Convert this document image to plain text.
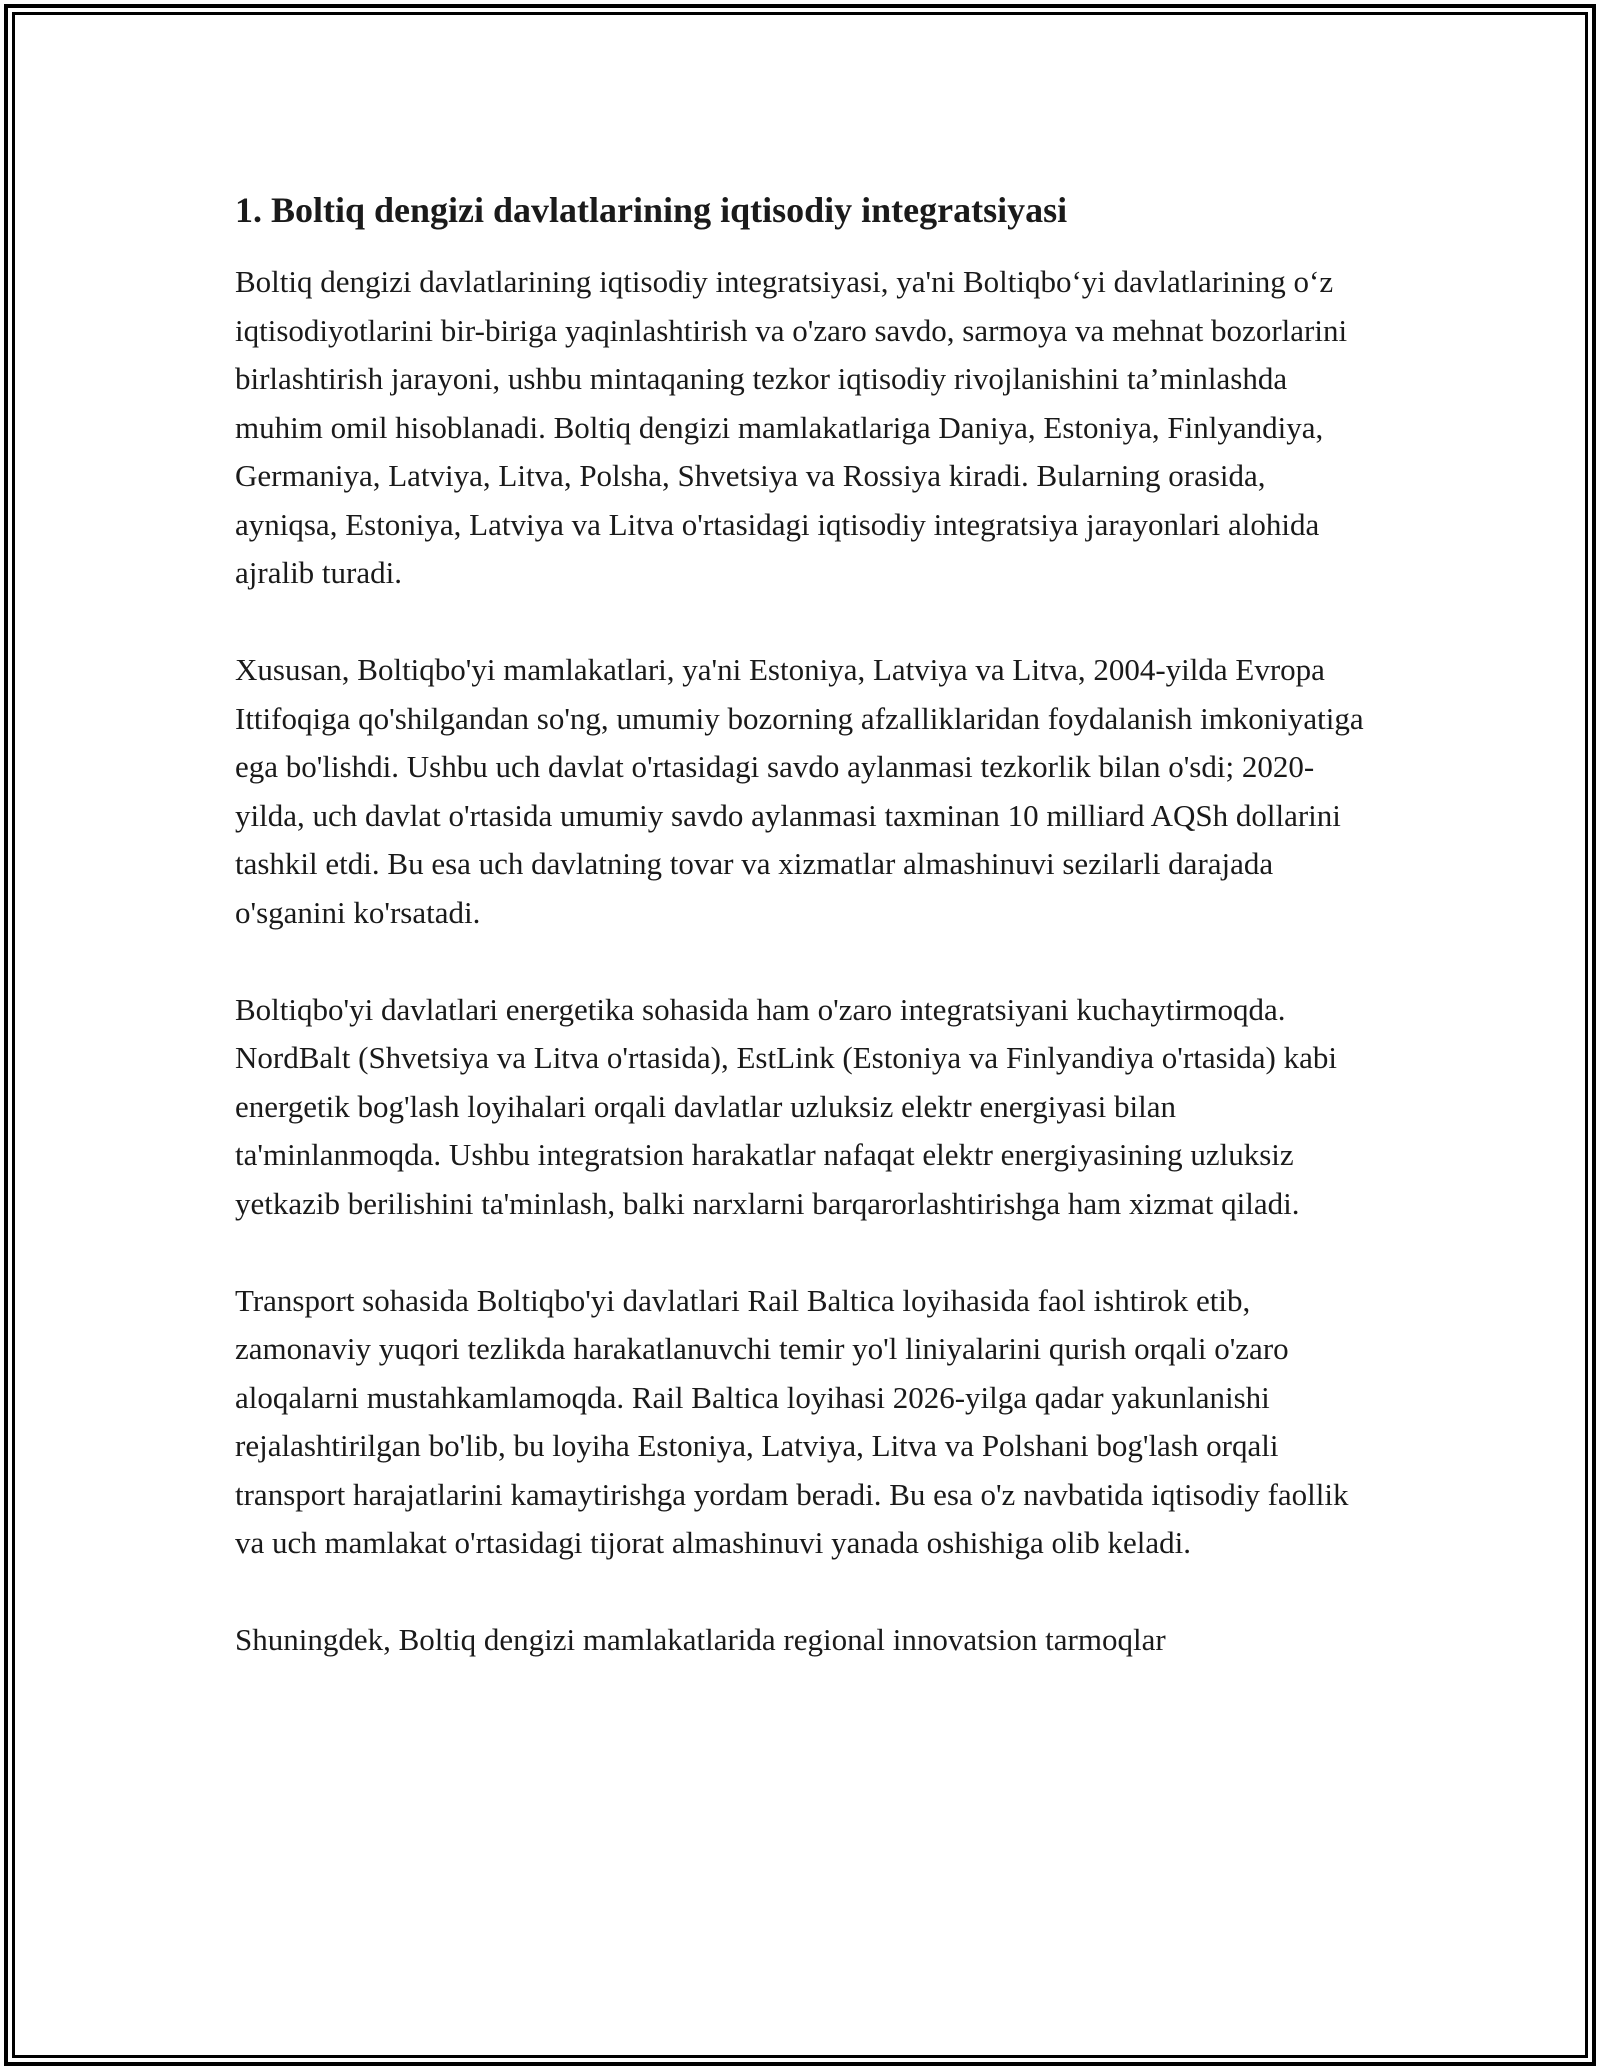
1. Boltiq dengizi davlatlarining iqtisodiy integratsiyasi

Boltiq dengizi davlatlarining iqtisodiy integratsiyasi, ya'ni Boltiqbo‘yi davlatlarining o‘z iqtisodiyotlarini bir-biriga yaqinlashtirish va o'zaro savdo, sarmoya va mehnat bozorlarini birlashtirish jarayoni, ushbu mintaqaning tezkor iqtisodiy rivojlanishini ta’minlashda muhim omil hisoblanadi. Boltiq dengizi mamlakatlariga Daniya, Estoniya, Finlyandiya, Germaniya, Latviya, Litva, Polsha, Shvetsiya va Rossiya kiradi. Bularning orasida, ayniqsa, Estoniya, Latviya va Litva o'rtasidagi iqtisodiy integratsiya jarayonlari alohida ajralib turadi.

Xususan, Boltiqbo'yi mamlakatlari, ya'ni Estoniya, Latviya va Litva, 2004-yilda Evropa Ittifoqiga qo'shilgandan so'ng, umumiy bozorning afzalliklaridan foydalanish imkoniyatiga ega bo'lishdi. Ushbu uch davlat o'rtasidagi savdo aylanmasi tezkorlik bilan o'sdi; 2020-yilda, uch davlat o'rtasida umumiy savdo aylanmasi taxminan 10 milliard AQSh dollarini tashkil etdi. Bu esa uch davlatning tovar va xizmatlar almashinuvi sezilarli darajada o'sganini ko'rsatadi.

Boltiqbo'yi davlatlari energetika sohasida ham o'zaro integratsiyani kuchaytirmoqda. NordBalt (Shvetsiya va Litva o'rtasida), EstLink (Estoniya va Finlyandiya o'rtasida) kabi energetik bog'lash loyihalari orqali davlatlar uzluksiz elektr energiyasi bilan ta'minlanmoqda. Ushbu integratsion harakatlar nafaqat elektr energiyasining uzluksiz yetkazib berilishini ta'minlash, balki narxlarni barqarorlashtirishga ham xizmat qiladi.

Transport sohasida Boltiqbo'yi davlatlari Rail Baltica loyihasida faol ishtirok etib, zamonaviy yuqori tezlikda harakatlanuvchi temir yo'l liniyalarini qurish orqali o'zaro aloqalarni mustahkamlamoqda. Rail Baltica loyihasi 2026-yilga qadar yakunlanishi rejalashtirilgan bo'lib, bu loyiha Estoniya, Latviya, Litva va Polshani bog'lash orqali transport harajatlarini kamaytirishga yordam beradi. Bu esa o'z navbatida iqtisodiy faollik va uch mamlakat o'rtasidagi tijorat almashinuvi yanada oshishiga olib keladi.

Shuningdek, Boltiq dengizi mamlakatlarida regional innovatsion tarmoqlar
